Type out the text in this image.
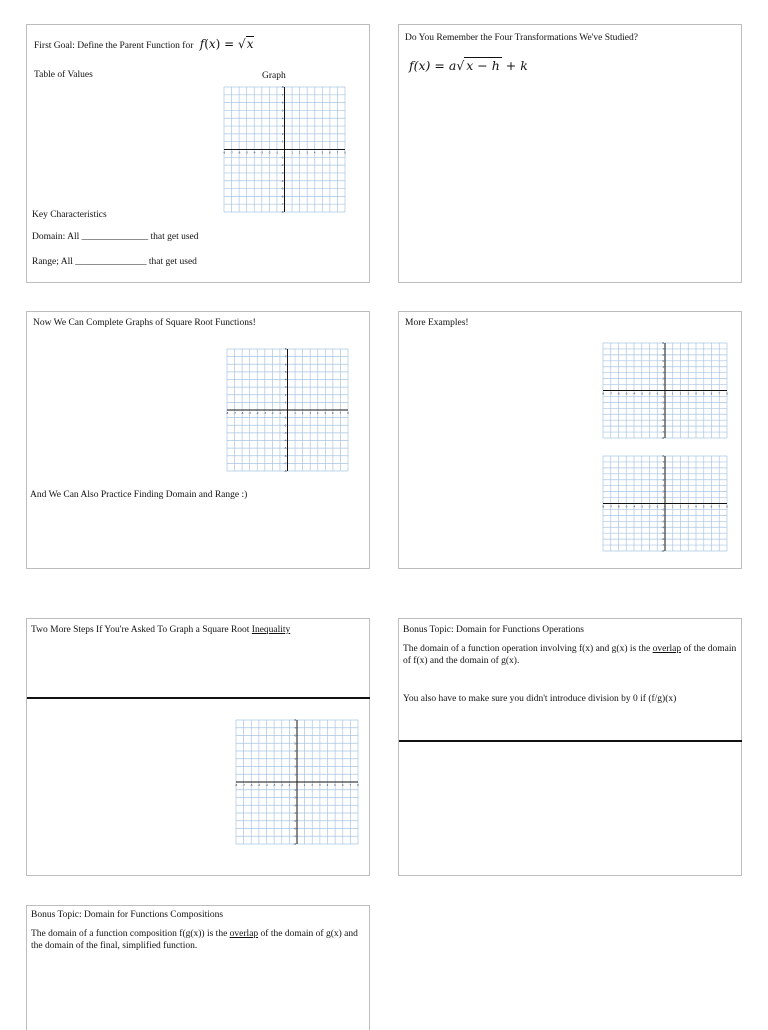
First Goal: Define the Parent Function for f(x) = √x
Table of Values	Graph
-8 -7 -6 -5 -4 -3 -2 -1 0 1 2 3 4 5 6 7 8
8
7
6
5
4
3
2
1
-1
-2
-3
-4
-5
-6
-7
-8
Key Characteristics
Domain: All ______________ that get used
Range; All _______________ that get used
Do You Remember the Four Transformations We've Studied?
f(x) = a√ x − h + k
Now We Can Complete Graphs of Square Root Functions!
-8 -7 -6 -5 -4 -3 -2 -1 0 1 2 3 4 5 6 7 8
8
7
6
5
4
3
2
1
-1
-2
-3
-4
-5
-6
-7
-8
And We Can Also Practice Finding Domain and Range :)
More Examples!
-8 -7 -6 -5 -4 -3 -2 -1 0 1 2 3 4 5 6 7 8
8
7
6
5
4
3
2
1
-1
-2
-3
-4
-5
-6
-7
-8
-8 -7 -6 -5 -4 -3 -2 -1 0 1 2 3 4 5 6 7 8
8
7
6
5
4
3
2
1
-1
-2
-3
-4
-5
-6
-7
-8
Two More Steps If You're Asked To Graph a Square Root Inequality
-8 -7 -6 -5 -4 -3 -2 -1 0 1 2 3 4 5 6 7 8
8
7
6
5
4
3
2
1
-1
-2
-3
-4
-5
-6
-7
-8
Bonus Topic: Domain for Functions Operations
The domain of a function operation involving f(x) and g(x) is the overlap of the domain of f(x) and the domain of g(x).
You also have to make sure you didn't introduce division by 0 if (f/g)(x)
Bonus Topic: Domain for Functions Compositions
The domain of a function composition f(g(x)) is the overlap of the domain of g(x) and the domain of the final, simplified function.
